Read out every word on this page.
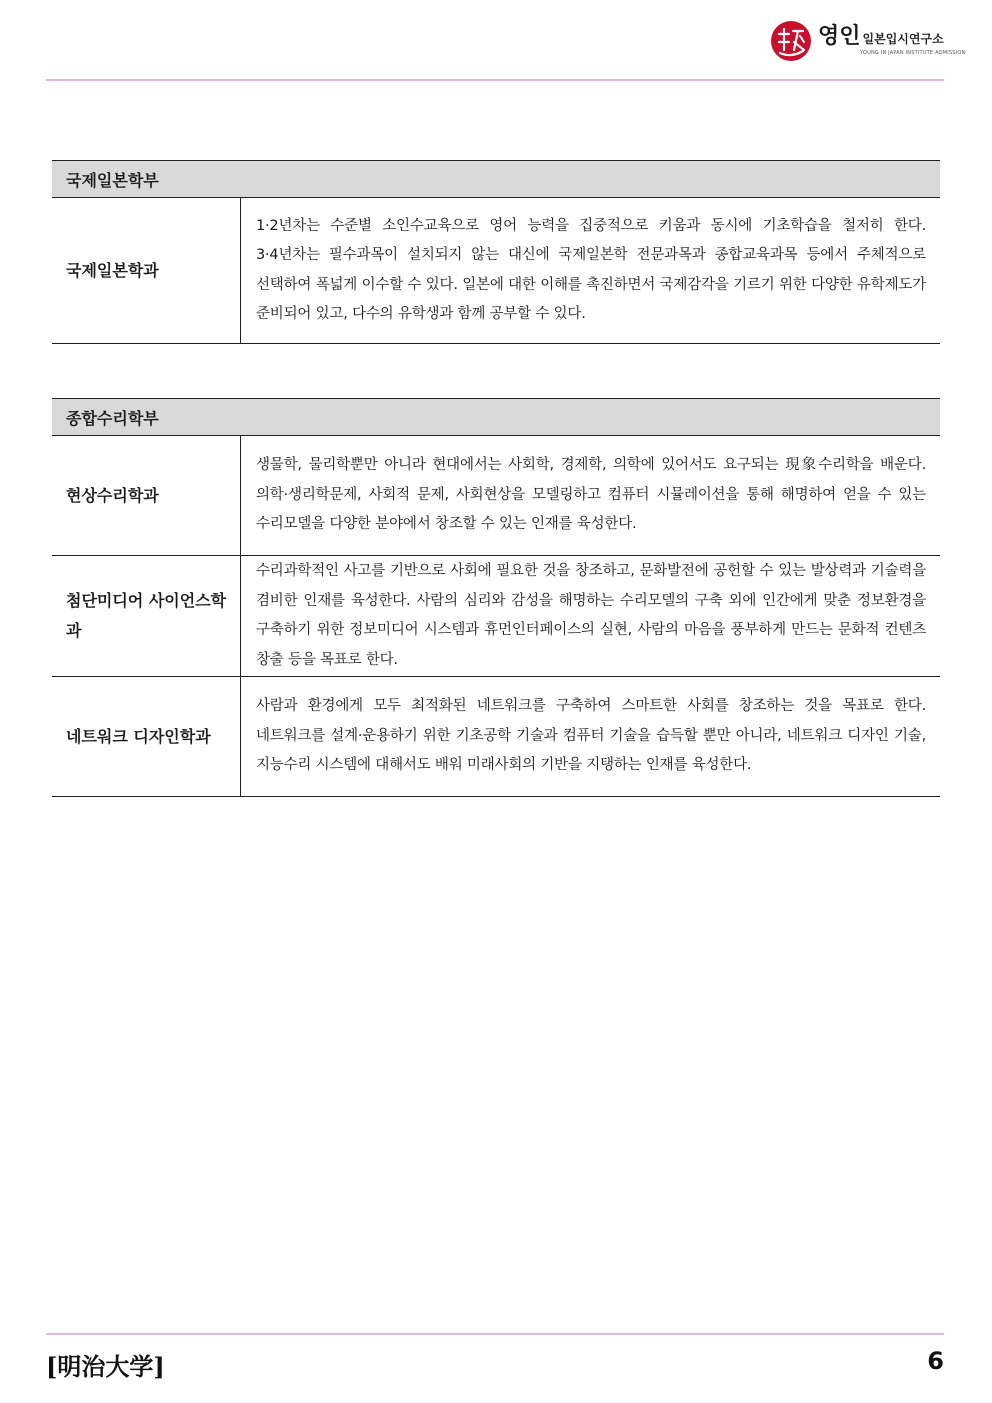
영인 일본입시연구소
YOUNG IN JAPAN INSTITUTE ADMISSION
국제일본학부
국제일본학과	1·2년차는 수준별 소인수교육으로 영어 능력을 집중적으로 키움과 동시에 기초학습을 철저히 한다. 3·4년차는 필수과목이 설치되지 않는 대신에 국제일본학 전문과목과 종합교육과목 등에서 주체적으로 선택하여 폭넓게 이수할 수 있다. 일본에 대한 이해를 촉진하면서 국제감각을 기르기 위한 다양한 유학제도가 준비되어 있고, 다수의 유학생과 함께 공부할 수 있다.
종합수리학부	
현상수리학과	생물학, 물리학뿐만 아니라 현대에서는 사회학, 경제학, 의학에 있어서도 요구되는 現象수리학을 배운다. 의학·생리학문제, 사회적 문제, 사회현상을 모델링하고 컴퓨터 시뮬레이션을 통해 해명하여 얻을 수 있는 수리모델을 다양한 분야에서 창조할 수 있는 인재를 육성한다.
첨단미디어 사이언스학과	수리과학적인 사고를 기반으로 사회에 필요한 것을 창조하고, 문화발전에 공헌할 수 있는 발상력과 기술력을 겸비한 인재를 육성한다. 사람의 심리와 감성을 해명하는 수리모델의 구축 외에 인간에게 맞춘 정보환경을 구축하기 위한 정보미디어 시스템과 휴먼인터페이스의 실현, 사람의 마음을 풍부하게 만드는 문화적 컨텐츠 창출 등을 목표로 한다.
네트워크 디자인학과	사람과 환경에게 모두 최적화된 네트워크를 구축하여 스마트한 사회를 창조하는 것을 목표로 한다. 네트워크를 설계·운용하기 위한 기초공학 기술과 컴퓨터 기술을 습득할 뿐만 아니라, 네트워크 디자인 기술, 지능수리 시스템에 대해서도 배워 미래사회의 기반을 지탱하는 인재를 육성한다.
[明治大学]	6
